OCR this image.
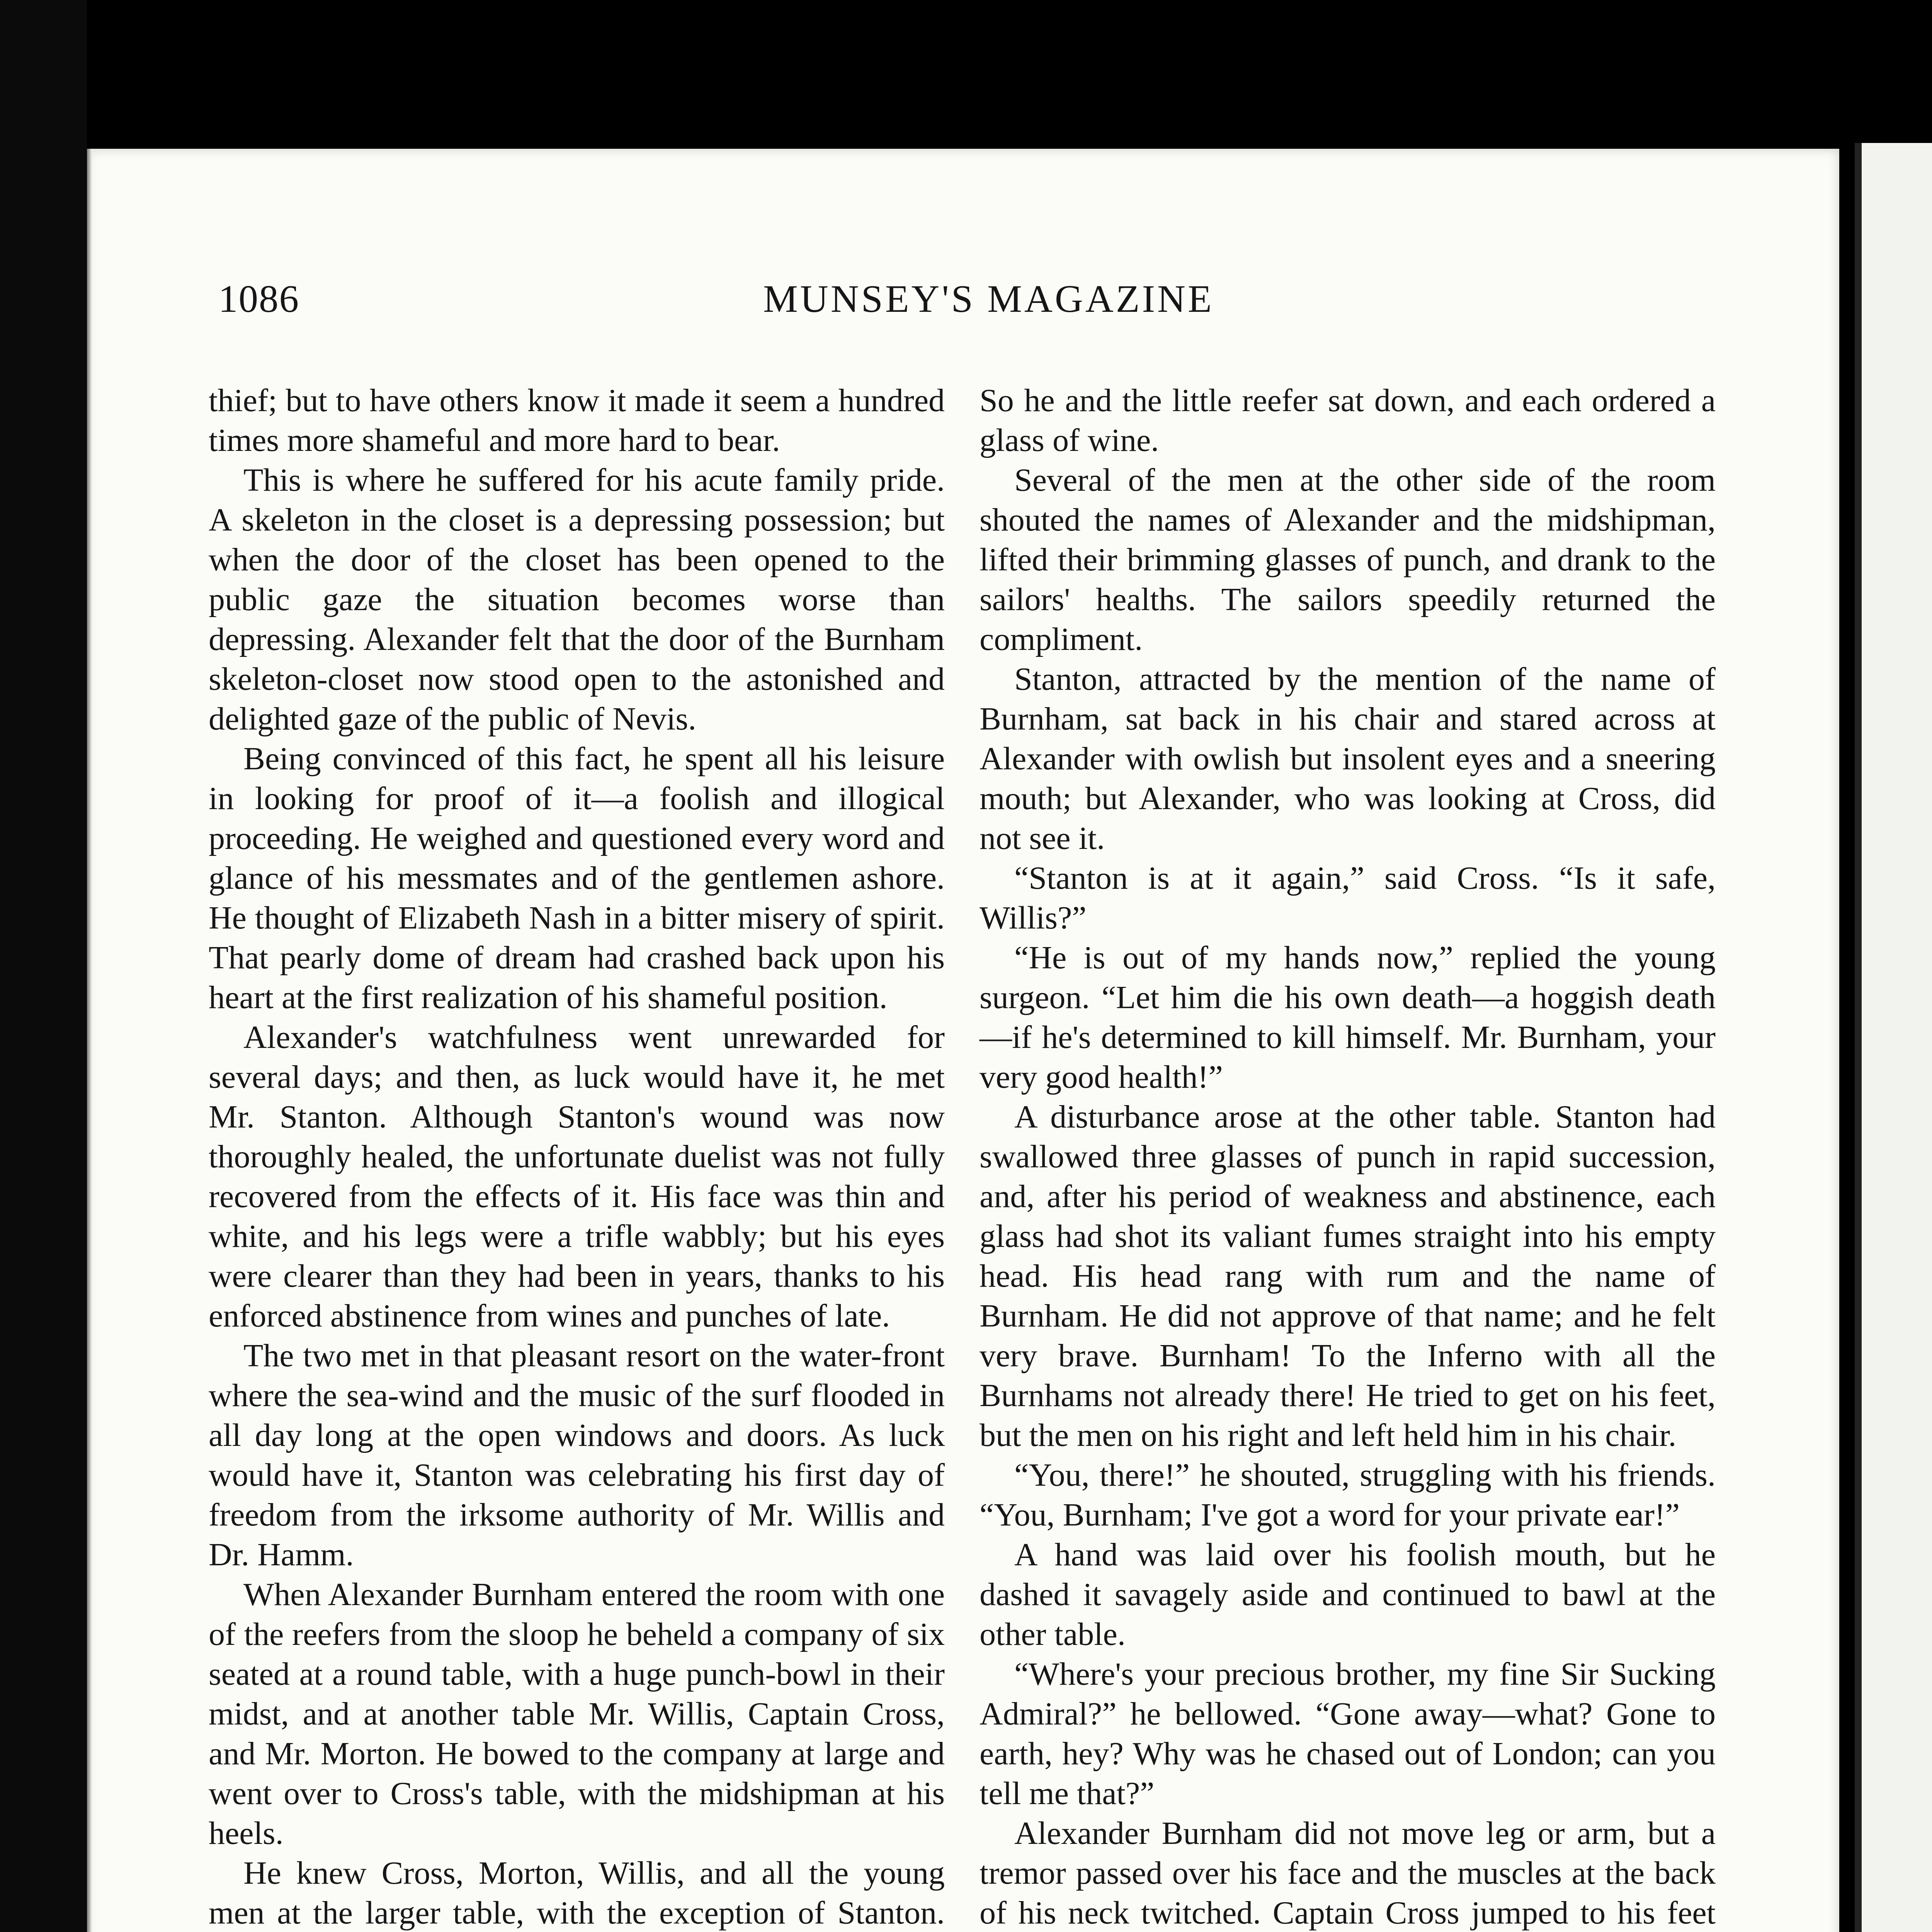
1086	MUNSEY'S MAGAZINE

thief; but to have others know it made it seem a hundred times more shameful and more hard to bear.

This is where he suffered for his acute family pride. A skeleton in the closet is a depressing possession; but when the door of the closet has been opened to the public gaze the situation becomes worse than depressing. Alexander felt that the door of the Burnham skeleton-closet now stood open to the astonished and delighted gaze of the public of Nevis.

Being convinced of this fact, he spent all his leisure in looking for proof of it—a foolish and illogical proceeding. He weighed and questioned every word and glance of his messmates and of the gentlemen ashore. He thought of Elizabeth Nash in a bitter misery of spirit. That pearly dome of dream had crashed back upon his heart at the first realization of his shameful position.

Alexander's watchfulness went unrewarded for several days; and then, as luck would have it, he met Mr. Stanton. Although Stanton's wound was now thoroughly healed, the unfortunate duelist was not fully recovered from the effects of it. His face was thin and white, and his legs were a trifle wabbly; but his eyes were clearer than they had been in years, thanks to his enforced abstinence from wines and punches of late.

The two met in that pleasant resort on the water-front where the sea-wind and the music of the surf flooded in all day long at the open windows and doors. As luck would have it, Stanton was celebrating his first day of freedom from the irksome authority of Mr. Willis and Dr. Hamm.

When Alexander Burnham entered the room with one of the reefers from the sloop he beheld a company of six seated at a round table, with a huge punch-bowl in their midst, and at another table Mr. Willis, Captain Cross, and Mr. Morton. He bowed to the company at large and went over to Cross's table, with the midshipman at his heels.

He knew Cross, Morton, Willis, and all the young men at the larger table, with the exception of Stanton.

So he and the little reefer sat down, and each ordered a glass of wine.

Several of the men at the other side of the room shouted the names of Alexander and the midshipman, lifted their brimming glasses of punch, and drank to the sailors' healths. The sailors speedily returned the compliment.

Stanton, attracted by the mention of the name of Burnham, sat back in his chair and stared across at Alexander with owlish but insolent eyes and a sneering mouth; but Alexander, who was looking at Cross, did not see it.

“Stanton is at it again,” said Cross. “Is it safe, Willis?”

“He is out of my hands now,” replied the young surgeon. “Let him die his own death—a hoggish death—if he's determined to kill himself. Mr. Burnham, your very good health!”

A disturbance arose at the other table. Stanton had swallowed three glasses of punch in rapid succession, and, after his period of weakness and abstinence, each glass had shot its valiant fumes straight into his empty head. His head rang with rum and the name of Burnham. He did not approve of that name; and he felt very brave. Burnham! To the Inferno with all the Burnhams not already there! He tried to get on his feet, but the men on his right and left held him in his chair.

“You, there!” he shouted, struggling with his friends. “You, Burnham; I've got a word for your private ear!”

A hand was laid over his foolish mouth, but he dashed it savagely aside and continued to bawl at the other table.

“Where's your precious brother, my fine Sir Sucking Admiral?” he bellowed. “Gone away—what? Gone to earth, hey? Why was he chased out of London; can you tell me that?”

Alexander Burnham did not move leg or arm, but a tremor passed over his face and the muscles at the back of his neck twitched. Captain Cross jumped to his feet
